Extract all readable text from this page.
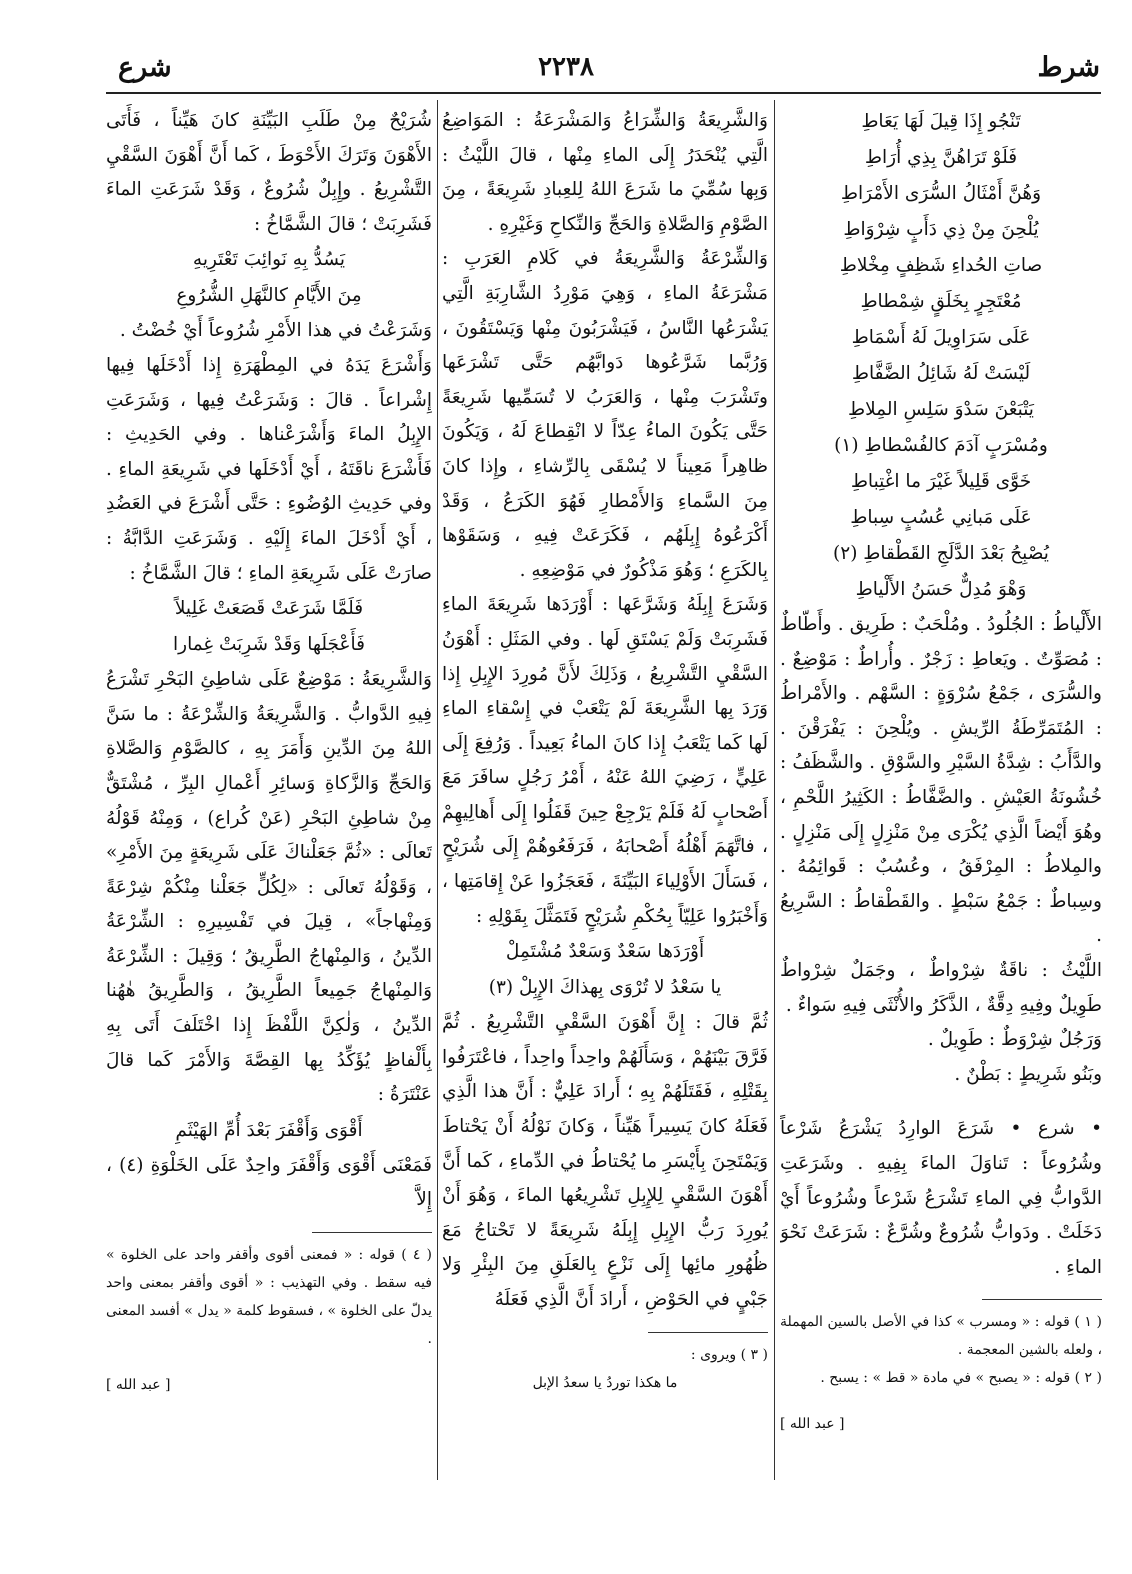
شرع	٢٢٣٨	شرط

تَنْجُو إِذَا قِيلَ لَهَا يَعَاطِ

فَلَوْ تَرَاهُنَّ بِذِي أُرَاطِ

وَهُنَّ أَمْثَالُ السُّرَى الأَمْرَاطِ

يُلْحِنَ مِنْ ذِي دَأَبٍ شِرْوَاطِ

صاتِ الحُداءِ شَظِفٍ مِخْلاطِ

مُعْتَجِرٍ بِخَلَقٍ شِمْطاطِ

عَلَى سَرَاوِيلَ لَهُ أَسْمَاطِ

لَيْسَتْ لَهُ شَائِلُ الضَّفَّاطِ

يَتْبَعْنَ سَدْوَ سَلِسِ المِلاطِ

ومُسْرَبٍ آدَمَ كالفُسْطاطِ (١)

خَوَّى قَلِيلاً غَيْرَ ما اغْتِباطِ

عَلَى مَبانِي عُسُبٍ سِباطِ

يُصْبِحُ بَعْدَ الدَّلَجِ القَطْقاطِ (٢)

وَهْوَ مُدِلٌّ حَسَنُ الأَلْياطِ

الأَلْياطُ : الجُلُودُ . ومُلْحَبٌ : طَرِيق . وأَطّاطٌ : مُصَوِّتٌ . ويَعاطِ : زَجْرٌ . وأُراطٌ : مَوْضِعٌ . والسُّرَى ، جَمْعُ سُرْوَةٍ : السَّهْم . والأَمْراطُ : المُتَمَرِّطَةُ الرِّيشِ . ويُلْحِنَ : يَفْرَقْنَ . والدَّأَبُ : شِدَّةُ السَّيْرِ والسَّوْقِ . والشَّظَفُ : خُشُونَةُ العَيْشِ . والضَّفَّاطُ : الكَثِيرُ اللَّحْمِ ، وهُوَ أَيْضاً الَّذِي يُكْرَى مِنْ مَنْزِلٍ إِلَى مَنْزِلٍ . والمِلاطُ : المِرْفَقُ ، وعُسُبٌ : قَوائِمُهُ . وسِباطٌ : جَمْعُ سَبْطٍ . والقَطْقاطُ : السَّرِيعُ .

اللَّيْثُ : ناقَةٌ شِرْواطٌ ، وجَمَلٌ شِرْواطٌ طَوِيلٌ وفِيهِ دِقَّةٌ ، الذَّكَرُ والأُنْثَى فِيهِ سَواءٌ .

وَرَجُلٌ شِرْوَطٌ : طَوِيلٌ .

وبَنُو شَرِيطٍ : بَطْنٌ .

• شرع • شَرَعَ الوارِدُ يَشْرَعُ شَرْعاً وشُرُوعاً : تَناوَلَ الماءَ بِفِيهِ . وشَرَعَتِ الدَّوابُّ فِي الماءِ تَشْرَعُ شَرْعاً وشُرُوعاً أَيْ دَخَلَتْ . ودَوابُّ شُرُوعٌ وشُرَّعٌ : شَرَعَتْ نَحْوَ الماءِ .

( ١ ) قوله : « ومسرب » كذا في الأصل بالسين المهملة ، ولعله بالشين المعجمة .

( ٢ ) قوله : « يصبح » في مادة « قط » : يسبح .

[ عبد الله ]

وَالشَّرِيعَةُ وَالشِّرَاعُ وَالمَشْرَعَةُ : المَوَاضِعُ الَّتِي يُنْحَدَرُ إِلَى الماءِ مِنْها ، قالَ اللَّيْثُ : وَبِها سُمِّيَ ما شَرَعَ اللهُ لِلعِبادِ شَرِيعَةً ، مِنَ الصَّوْمِ وَالصَّلاةِ وَالحَجِّ وَالنِّكاحِ وَغَيْرِهِ .

وَالشِّرْعَةُ وَالشَّرِيعَةُ في كَلامِ العَرَبِ : مَشْرَعَةُ الماءِ ، وَهِيَ مَوْرِدُ الشَّارِبَةِ الَّتِي يَشْرَعُها النَّاسُ ، فَيَشْرَبُونَ مِنْها وَيَسْتَقُونَ ، وَرُبَّما شَرَّعُوها دَوابَّهُم حَتَّى تَشْرَعَها وتَشْرَبَ مِنْها ، وَالعَرَبُ لا تُسَمِّيها شَرِيعَةً حَتَّى يَكُونَ الماءُ عِدّاً لا انْقِطاعَ لَهُ ، وَيَكُونَ ظاهِراً مَعِيناً لا يُسْقَى بِالرِّشاءِ ، وإِذا كانَ مِنَ السَّماءِ وَالأَمْطارِ فَهُوَ الكَرَعُ ، وَقَدْ أَكْرَعُوهُ إِبِلَهُم ، فَكَرَعَتْ فِيهِ ، وَسَقَوْها بِالكَرَعِ ؛ وَهُوَ مَذْكُورٌ في مَوْضِعِهِ .

وَشَرَعَ إِبِلَهُ وَشَرَّعَها : أَوْرَدَها شَرِيعَةَ الماءِ فَشَرِبَتْ وَلَمْ يَسْتَقِ لَها . وفي المَثَلِ : أَهْوَنُ السَّقْيِ التَّشْرِيعُ ، وَذَلِكَ لأَنَّ مُورِدَ الإِبِلِ إِذا وَرَدَ بِها الشَّرِيعَةَ لَمْ يَتْعَبْ في إِسْقاءِ الماءِ لَها كَما يَتْعَبُ إِذا كانَ الماءُ بَعِيداً . وَرُفِعَ إِلَى عَلِيٍّ ، رَضِيَ اللهُ عَنْهُ ، أَمْرُ رَجُلٍ سافَرَ مَعَ أَصْحابٍ لَهُ فَلَمْ يَرْجِعْ حِينَ قَفَلُوا إِلَى أَهالِيهِمْ ، فاتَّهَمَ أَهْلُهُ أَصْحابَهُ ، فَرَفَعُوهُمْ إِلَى شُرَيْحٍ ، فَسَأَلَ الأَوْلِياءَ البَيِّنَةَ ، فَعَجَزُوا عَنْ إِقامَتِها ، وَأَخْبَرُوا عَلِيّاً بِحُكْمِ شُرَيْحٍ فَتَمَثَّلَ بِقَوْلِهِ :

أَوْرَدَها سَعْدٌ وَسَعْدٌ مُشْتَمِلْ

يا سَعْدُ لا تُرْوَى بِهذاكَ الإِبِلْ (٣)

ثُمَّ قالَ : إِنَّ أَهْوَنَ السَّقْيِ التَّشْرِيعُ . ثُمَّ فَرَّقَ بَيْنَهُمْ ، وَسَأَلَهُمْ واحِداً واحِداً ، فاعْتَرَفُوا بِقَتْلِهِ ، فَقَتَلَهُمْ بِهِ ؛ أَرادَ عَلِيٌّ : أَنَّ هذا الَّذِي فَعَلَهُ كانَ يَسِيراً هَيِّناً ، وَكانَ نَوْلُهُ أَنْ يَحْتاطَ وَيَمْتَحِنَ بِأَيْسَرِ ما يُحْتاطُ في الدِّماءِ ، كَما أَنَّ أَهْوَنَ السَّقْيِ لِلإِبِلِ تَشْرِيعُها الماءَ ، وَهُوَ أَنْ يُورِدَ رَبُّ الإِبِلِ إِبِلَهُ شَرِيعَةً لا تَحْتاجُ مَعَ ظُهُورِ مائِها إِلَى نَزْعٍ بِالعَلَقِ مِنَ البِئْرِ وَلا جَبْيٍ في الحَوْضِ ، أَرادَ أَنَّ الَّذِي فَعَلَهُ

( ٣ ) ويروى :

ما هكذا توردُ يا سعدُ الإبل

شُرَيْحٌ مِنْ طَلَبِ البَيِّنَةِ كانَ هَيِّناً ، فَأَتَى الأَهْوَنَ وَتَرَكَ الأَحْوَطَ ، كَما أَنَّ أَهْوَنَ السَّقْيِ التَّشْرِيعُ . وإِبِلٌ شُرُوعٌ ، وَقَدْ شَرَعَتِ الماءَ فَشَرِبَتْ ؛ قالَ الشَّمَّاخُ :

يَسُدُّ بِهِ نَوائِبَ تَعْتَرِيهِ

مِنَ الأَيَّامِ كالنَّهَلِ الشُّرُوعِ

وَشَرَعْتُ في هذا الأَمْرِ شُرُوعاً أَيْ خُضْتُ .

وَأَشْرَعَ يَدَهُ في المِطْهَرَةِ إِذا أَدْخَلَها فِيها إِشْراعاً . قالَ : وَشَرَعْتُ فِيها ، وَشَرَعَتِ الإِبِلُ الماءَ وَأَشْرَعْناها . وفي الحَدِيثِ : فَأَشْرَعَ ناقَتَهُ ، أَيْ أَدْخَلَها في شَرِيعَةِ الماءِ . وفي حَدِيثِ الوُضُوءِ : حَتَّى أَشْرَعَ في العَضُدِ ، أَيْ أَدْخَلَ الماءَ إِلَيْهِ . وَشَرَعَتِ الدَّابَّةُ : صارَتْ عَلَى شَرِيعَةِ الماءِ ؛ قالَ الشَّمَّاخُ :

فَلَمَّا شَرَعَتْ قَصَعَتْ غَلِيلاً

فَأَعْجَلَها وَقَدْ شَرِبَتْ غِمارا

وَالشَّرِيعَةُ : مَوْضِعٌ عَلَى شاطِئِ البَحْرِ تَشْرَعُ فِيهِ الدَّوابُّ . وَالشَّرِيعَةُ وَالشِّرْعَةُ : ما سَنَّ اللهُ مِنَ الدِّينِ وَأَمَرَ بِهِ ، كالصَّوْمِ وَالصَّلاةِ وَالحَجِّ وَالزَّكاةِ وَسائِرِ أَعْمالِ البِرِّ ، مُشْتَقٌّ مِنْ شاطِئِ البَحْرِ (عَنْ كُراع) ، وَمِنْهُ قَوْلُهُ تَعالَى : «ثُمَّ جَعَلْناكَ عَلَى شَرِيعَةٍ مِنَ الأَمْرِ» ، وَقَوْلُهُ تَعالَى : «لِكُلٍّ جَعَلْنا مِنْكُمْ شِرْعَةً وَمِنْهاجاً» ، قِيلَ في تَفْسِيرِهِ : الشِّرْعَةُ الدِّينُ ، وَالمِنْهاجُ الطَّرِيقُ ؛ وَقِيلَ : الشِّرْعَةُ وَالمِنْهاجُ جَمِيعاً الطَّرِيقُ ، وَالطَّرِيقُ هٰهُنا الدِّينُ ، وَلٰكِنَّ اللَّفْظَ إِذا اخْتَلَفَ أَتَى بِهِ بِأَلْفاظٍ يُؤَكِّدُ بِها القِصَّةَ وَالأَمْرَ كَما قالَ عَنْتَرَةُ :

أَقْوَى وَأَقْفَرَ بَعْدَ أُمِّ الهَيْثَمِ

فَمَعْنَى أَقْوَى وَأَقْفَرَ واحِدٌ عَلَى الخَلْوَةِ (٤) ، إِلاَّ

( ٤ ) قوله : « فمعنى أقوى وأقفر واحد على الخلوة » فيه سقط . وفي التهذيب : « أقوى وأقفر بمعنى واحد يدلّ على الخلوة » ، فسقوط كلمة « يدل » أفسد المعنى .

[ عبد الله ]
